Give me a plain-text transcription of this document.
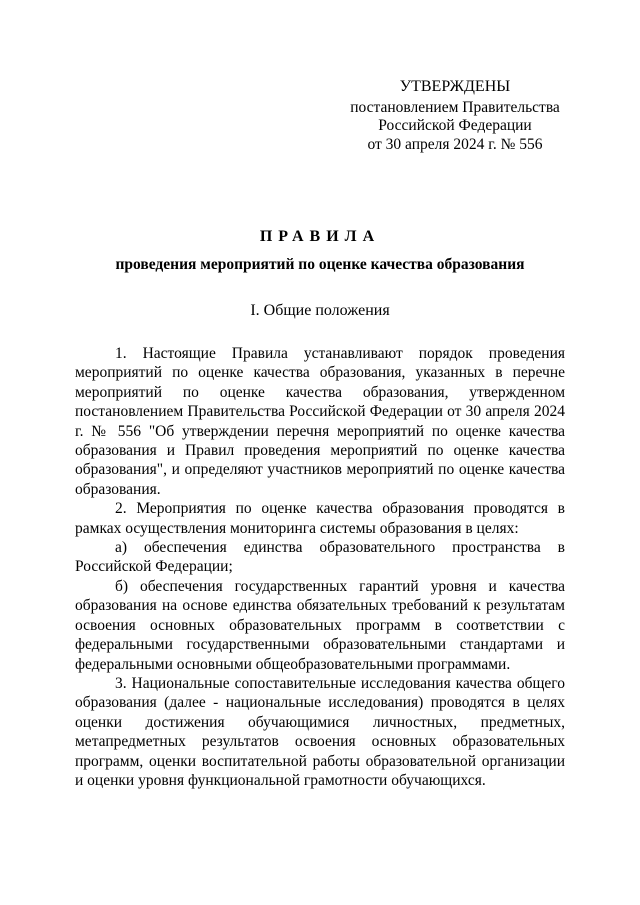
УТВЕРЖДЕНЫ
постановлением Правительства
Российской Федерации
от 30 апреля 2024 г. № 556
ПРАВИЛА
проведения мероприятий по оценке качества образования
I. Общие положения

1. Настоящие Правила устанавливают порядок проведения мероприятий по оценке качества образования, указанных в перечне мероприятий по оценке качества образования, утвержденном постановлением Правительства Российской Федерации от 30 апреля 2024 г. № 556 "Об утверждении перечня мероприятий по оценке качества образования и Правил проведения мероприятий по оценке качества образования", и определяют участников мероприятий по оценке качества образования.

2. Мероприятия по оценке качества образования проводятся в рамках осуществления мониторинга системы образования в целях:

а) обеспечения единства образовательного пространства в Российской Федерации;

б) обеспечения государственных гарантий уровня и качества образования на основе единства обязательных требований к результатам освоения основных образовательных программ в соответствии с федеральными государственными образовательными стандартами и федеральными основными общеобразовательными программами.

3. Национальные сопоставительные исследования качества общего образования (далее - национальные исследования) проводятся в целях оценки достижения обучающимися личностных, предметных, метапредметных результатов освоения основных образовательных программ, оценки воспитательной работы образовательной организации и оценки уровня функциональной грамотности обучающихся.
